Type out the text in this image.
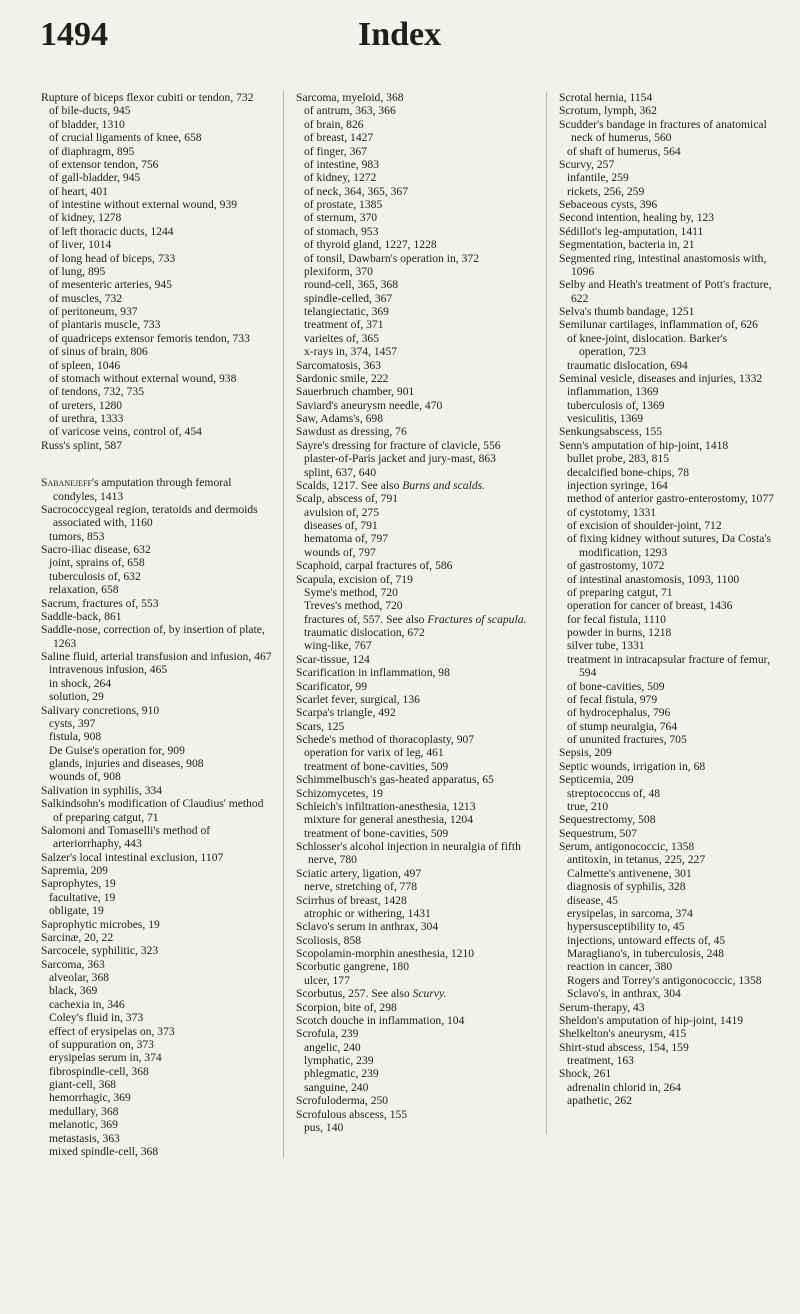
1494	Index

Rupture of biceps flexor cubiti or tendon, 732

of bile-ducts, 945

of bladder, 1310

of crucial ligaments of knee, 658

of diaphragm, 895

of extensor tendon, 756

of gall-bladder, 945

of heart, 401

of intestine without external wound, 939

of kidney, 1278

of left thoracic ducts, 1244

of liver, 1014

of long head of biceps, 733

of lung, 895

of mesenteric arteries, 945

of muscles, 732

of peritoneum, 937

of plantaris muscle, 733

of quadriceps extensor femoris tendon, 733

of sinus of brain, 806

of spleen, 1046

of stomach without external wound, 938

of tendons, 732, 735

of ureters, 1280

of urethra, 1333

of varicose veins, control of, 454

Russ's splint, 587

Sabanejeff's amputation through femoral condyles, 1413

Sacrococcygeal region, teratoids and dermoids associated with, 1160

tumors, 853

Sacro-iliac disease, 632

joint, sprains of, 658

tuberculosis of, 632

relaxation, 658

Sacrum, fractures of, 553

Saddle-back, 861

Saddle-nose, correction of, by insertion of plate, 1263

Saline fluid, arterial transfusion and infusion, 467

intravenous infusion, 465

in shock, 264

solution, 29

Salivary concretions, 910

cysts, 397

fistula, 908

De Guise's operation for, 909

glands, injuries and diseases, 908

wounds of, 908

Salivation in syphilis, 334

Salkindsohn's modification of Claudius' method of preparing catgut, 71

Salomoni and Tomaselli's method of arteriorrhaphy, 443

Salzer's local intestinal exclusion, 1107

Sapremia, 209

Saprophytes, 19

facultative, 19

obligate, 19

Saprophytic microbes, 19

Sarcinæ, 20, 22

Sarcocele, syphilitic, 323

Sarcoma, 363

alveolar, 368

black, 369

cachexia in, 346

Coley's fluid in, 373

effect of erysipelas on, 373

of suppuration on, 373

erysipelas serum in, 374

fibrospindle-cell, 368

giant-cell, 368

hemorrhagic, 369

medullary, 368

melanotic, 369

metastasis, 363

mixed spindle-cell, 368

Sarcoma, myeloid, 368

of antrum, 363, 366

of brain, 826

of breast, 1427

of finger, 367

of intestine, 983

of kidney, 1272

of neck, 364, 365, 367

of prostate, 1385

of sternum, 370

of stomach, 953

of thyroid gland, 1227, 1228

of tonsil, Dawbarn's operation in, 372

plexiform, 370

round-cell, 365, 368

spindle-celled, 367

telangiectatic, 369

treatment of, 371

varieites of, 365

x-rays in, 374, 1457

Sarcomatosis, 363

Sardonic smile, 222

Sauerbruch chamber, 901

Saviard's aneurysm needle, 470

Saw, Adams's, 698

Sawdust as dressing, 76

Sayre's dressing for fracture of clavicle, 556

plaster-of-Paris jacket and jury-mast, 863

splint, 637, 640

Scalds, 1217. See also Burns and scalds.

Scalp, abscess of, 791

avulsion of, 275

diseases of, 791

hematoma of, 797

wounds of, 797

Scaphoid, carpal fractures of, 586

Scapula, excision of, 719

Syme's method, 720

Treves's method, 720

fractures of, 557. See also Fractures of scapula.

traumatic dislocation, 672

wing-like, 767

Scar-tissue, 124

Scarification in inflammation, 98

Scarificator, 99

Scarlet fever, surgical, 136

Scarpa's triangle, 492

Scars, 125

Schede's method of thoracoplasty, 907

operation for varix of leg, 461

treatment of bone-cavities, 509

Schimmelbusch's gas-heated apparatus, 65

Schizomycetes, 19

Schleich's infiltration-anesthesia, 1213

mixture for general anesthesia, 1204

treatment of bone-cavities, 509

Schlosser's alcohol injection in neuralgia of fifth nerve, 780

Sciatic artery, ligation, 497

nerve, stretching of, 778

Scirrhus of breast, 1428

atrophic or withering, 1431

Sclavo's serum in anthrax, 304

Scoliosis, 858

Scopolamin-morphin anesthesia, 1210

Scorbutic gangrene, 180

ulcer, 177

Scorbutus, 257. See also Scurvy.

Scorpion, bite of, 298

Scotch douche in inflammation, 104

Scrofula, 239

angelic, 240

lymphatic, 239

phlegmatic, 239

sanguine, 240

Scrofuloderma, 250

Scrofulous abscess, 155

pus, 140

Scrotal hernia, 1154

Scrotum, lymph, 362

Scudder's bandage in fractures of anatomical neck of humerus, 560

of shaft of humerus, 564

Scurvy, 257

infantile, 259

rickets, 256, 259

Sebaceous cysts, 396

Second intention, healing by, 123

Sédillot's leg-amputation, 1411

Segmentation, bacteria in, 21

Segmented ring, intestinal anastomosis with, 1096

Selby and Heath's treatment of Pott's fracture, 622

Selva's thumb bandage, 1251

Semilunar cartilages, inflammation of, 626

of knee-joint, dislocation. Barker's operation, 723

traumatic dislocation, 694

Seminal vesicle, diseases and injuries, 1332

inflammation, 1369

tuberculosis of, 1369

vesiculitis, 1369

Senkungsabscess, 155

Senn's amputation of hip-joint, 1418

bullet probe, 283, 815

decalcified bone-chips, 78

injection syringe, 164

method of anterior gastro-enterostomy, 1077

of cystotomy, 1331

of excision of shoulder-joint, 712

of fixing kidney without sutures, Da Costa's modification, 1293

of gastrostomy, 1072

of intestinal anastomosis, 1093, 1100

of preparing catgut, 71

operation for cancer of breast, 1436

for fecal fistula, 1110

powder in burns, 1218

silver tube, 1331

treatment in intracapsular fracture of femur, 594

of bone-cavities, 509

of fecal fistula, 979

of hydrocephalus, 796

of stump neuralgia, 764

of ununited fractures, 705

Sepsis, 209

Septic wounds, irrigation in, 68

Septicemia, 209

streptococcus of, 48

true, 210

Sequestrectomy, 508

Sequestrum, 507

Serum, antigonococcic, 1358

antitoxin, in tetanus, 225, 227

Calmette's antivenene, 301

diagnosis of syphilis, 328

disease, 45

erysipelas, in sarcoma, 374

hypersusceptibility to, 45

injections, untoward effects of, 45

Maragliano's, in tuberculosis, 248

reaction in cancer, 380

Rogers and Torrey's antigonococcic, 1358

Sclavo's, in anthrax, 304

Serum-therapy, 43

Sheldon's amputation of hip-joint, 1419

Shelkelton's aneurysm, 415

Shirt-stud abscess, 154, 159

treatment, 163

Shock, 261

adrenalin chlorid in, 264

apathetic, 262
